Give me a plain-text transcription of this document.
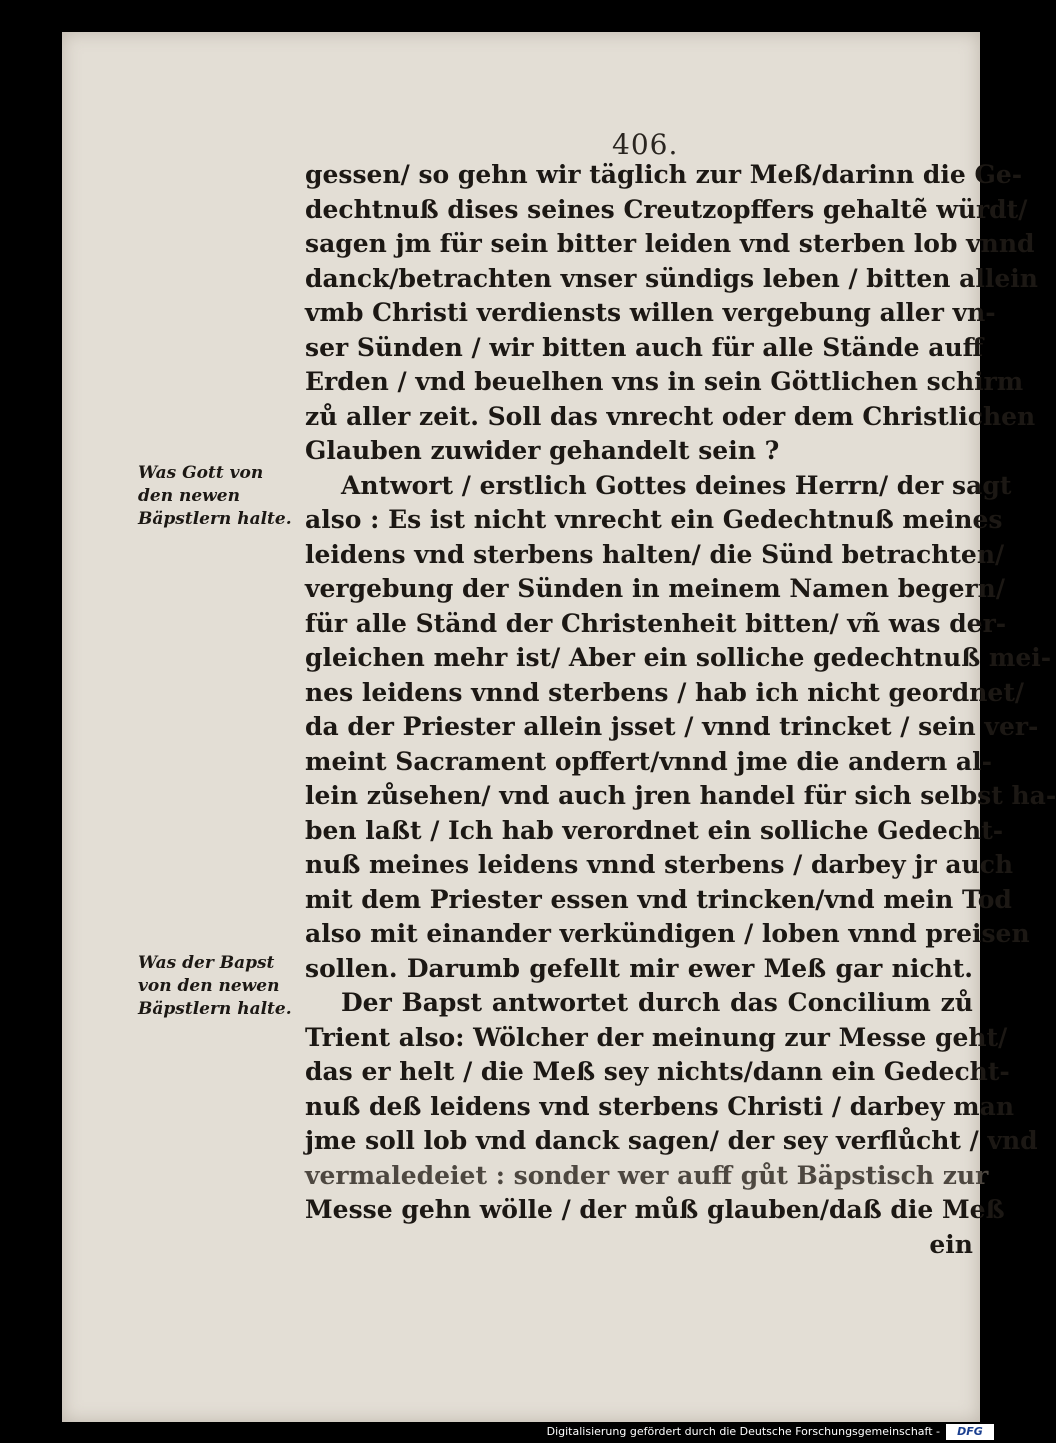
406.
gessen/ so gehn wir täglich zur Meß/darinn die Ge-
dechtnuß dises seines Creutzopffers gehaltẽ würdt/
sagen jm für sein bitter leiden vnd sterben lob vnnd
danck/betrachten vnser sündigs leben / bitten allein
vmb Christi verdiensts willen vergebung aller vn-
ser Sünden / wir bitten auch für alle Stände auff
Erden / vnd beuelhen vns in sein Göttlichen schirm
zů aller zeit. Soll das vnrecht oder dem Christlichen
Glauben zuwider gehandelt sein ?
Antwort / erstlich Gottes deines Herrn/ der sagt
also : Es ist nicht vnrecht ein Gedechtnuß meines
leidens vnd sterbens halten/ die Sünd betrachten/
vergebung der Sünden in meinem Namen begern/
für alle Ständ der Christenheit bitten/ vñ was der-
gleichen mehr ist/ Aber ein solliche gedechtnuß mei-
nes leidens vnnd sterbens / hab ich nicht geordnet/
da der Priester allein jsset / vnnd trincket / sein ver-
meint Sacrament opffert/vnnd jme die andern al-
lein zůsehen/ vnd auch jren handel für sich selbst ha-
ben laßt / Ich hab verordnet ein solliche Gedecht-
nuß meines leidens vnnd sterbens / darbey jr auch
mit dem Priester essen vnd trincken/vnd mein Tod
also mit einander verkündigen / loben vnnd preisen
sollen. Darumb gefellt mir ewer Meß gar nicht.
Der Bapst antwortet durch das Concilium zů
Trient also: Wölcher der meinung zur Messe geht/
das er helt / die Meß sey nichts/dann ein Gedecht-
nuß deß leidens vnd sterbens Christi / darbey man
jme soll lob vnd danck sagen/ der sey verflůcht / vnd
vermaledeiet : sonder wer auff gůt Bäpstisch zur
Messe gehn wölle / der můß glauben/daß die Meß
ein
Was Gott von
den newen
Bäpstlern halte.
Was der Bapst
von den newen
Bäpstlern halte.
Digitalisierung gefördert durch die Deutsche Forschungsgemeinschaft -	DFG
